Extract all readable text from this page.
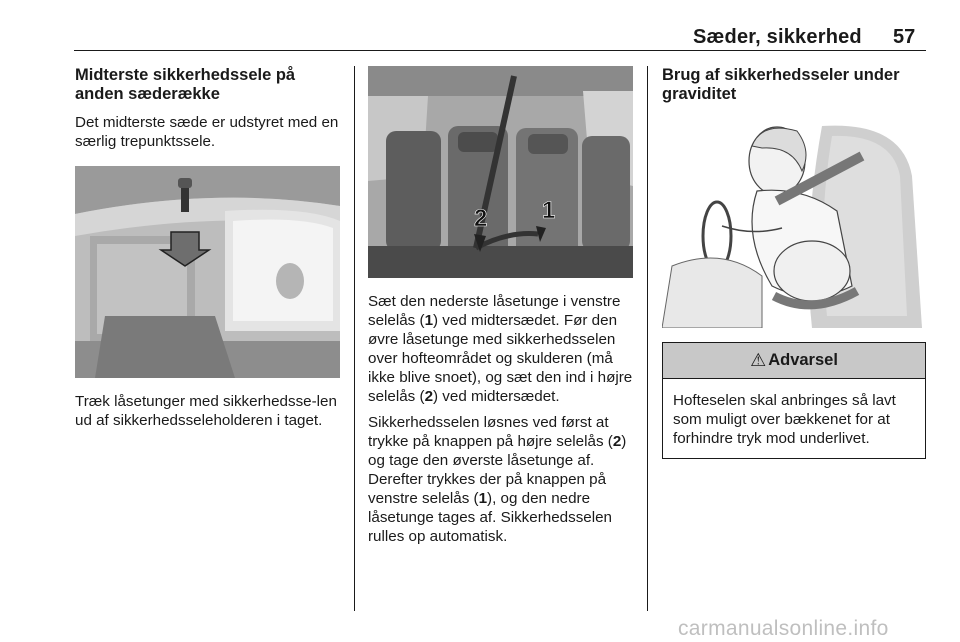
Sæder, sikkerhed 57
Midterste sikkerhedssele på anden sæderække

Det midterste sæde er udstyret med en særlig trepunktssele.

Træk låsetunger med sikkerhedsse-len ud af sikkerhedsseleholderen i taget.

2 1

Sæt den nederste låsetunge i venstre selelås (1) ved midtersædet. Før den øvre låsetunge med sikkerhedsselen over hofteområdet og skulderen (må ikke blive snoet), og sæt den ind i højre selelås (2) ved midtersædet.

Sikkerhedsselen løsnes ved først at trykke på knappen på højre selelås (2) og tage den øverste låsetunge af. Derefter trykkes der på knappen på venstre selelås (1), og den nedre låsetunge tages af. Sikkerhedsselen rulles op automatisk.

Brug af sikkerhedsseler under graviditet
⚠ Advarsel
Hofteselen skal anbringes så lavt som muligt over bækkenet for at forhindre tryk mod underlivet.
carmanualsonline.info
